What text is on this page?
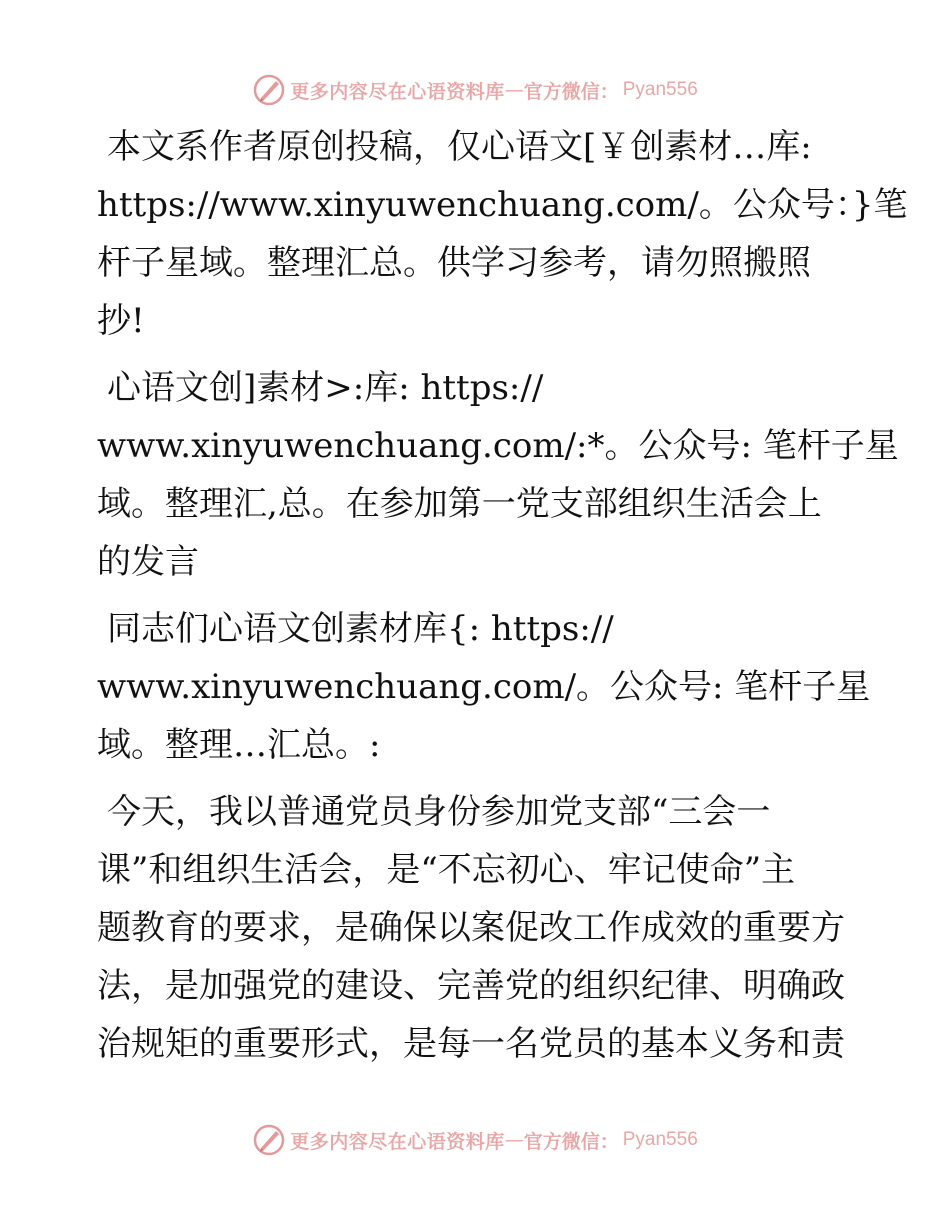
更多内容尽在心语资料库 — 官方微信： Pyan556
本文系作者原创投稿，仅心语文[￥创素材…库:
https://www.xinyuwenchuang.com/。公众号：}笔
杆子星域。整理汇总。供学习参考，请勿照搬照
抄!
心语文创]素材>:库: https://
www.xinyuwenchuang.com/:*。公众号: 笔杆子星
域。整理汇,总。在参加第一党支部组织生活会上
的发言
同志们心语文创素材库{: https://
www.xinyuwenchuang.com/。公众号: 笔杆子星
域。整理…汇总。:
今天，我以普通党员身份参加党支部“三会一
课”和组织生活会，是“不忘初心、牢记使命”主
题教育的要求，是确保以案促改工作成效的重要方
法，是加强党的建设、完善党的组织纪律、明确政
治规矩的重要形式，是每一名党员的基本义务和责
更多内容尽在心语资料库 — 官方微信： Pyan556
